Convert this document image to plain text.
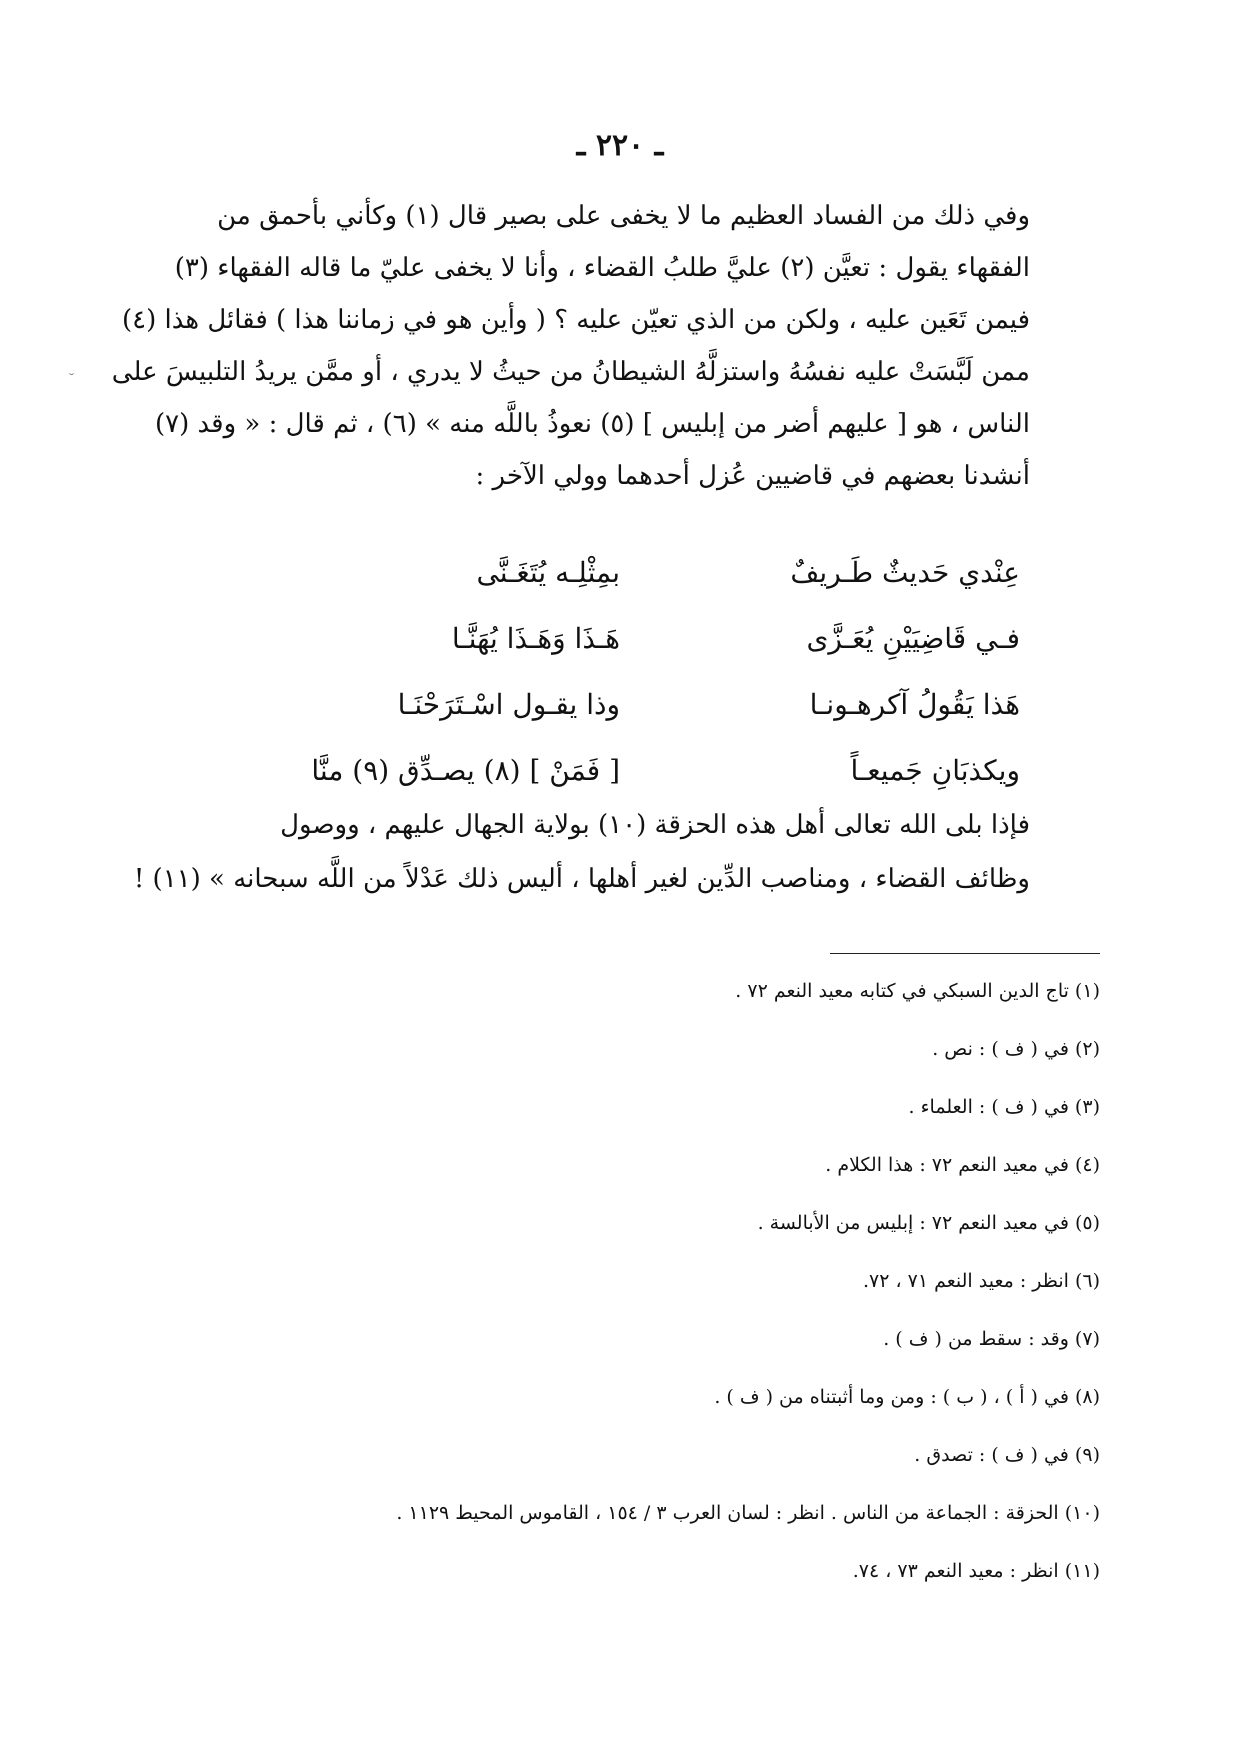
ـ ٢٢٠ ـ
˘
وفي ذلك من الفساد العظيم ما لا يخفى على بصير قال (١) وكأني بأحمق من
الفقهاء يقول : تعيَّن (٢) عليَّ طلبُ القضاء ، وأنا لا يخفى عليّ ما قاله الفقهاء (٣)
فيمن تَعَين عليه ، ولكن من الذي تعيّن عليه ؟ ( وأين هو في زماننا هذا ) فقائل هذا (٤)
ممن لَبَّسَتْ عليه نفسُهُ واستزلَّهُ الشيطانُ من حيثُ لا يدري ، أو ممَّن يريدُ التلبيسَ على
الناس ، هو [ عليهم أضر من إبليس ] (٥) نعوذُ باللَّه منه » (٦) ، ثم قال : « وقد (٧)
أنشدنا بعضهم في قاضيين عُزل أحدهما وولي الآخر :
عِنْدي حَديثٌ طَـريفٌ
بمِثْلِـه يُتَغَـنَّى
فـي قَاضِيَيْنِ يُعَـزَّى
هَـذَا وَهَـذَا يُهَنَّـا
هَذا يَقُولُ آكرهـونـا
وذا يقـول اسْـتَرَحْنَـا
ويكذبَانِ جَميعـاً
[ فَمَنْ ] (٨) يصـدِّق (٩) منَّا
فإذا بلى الله تعالى أهل هذه الحزقة (١٠) بولاية الجهال عليهم ، ووصول
وظائف القضاء ، ومناصب الدِّين لغير أهلها ، أليس ذلك عَدْلاً من اللَّه سبحانه » (١١) !
(١) تاج الدين السبكي في كتابه معيد النعم ٧٢ .
(٢) في ( ف ) : نص .
(٣) في ( ف ) : العلماء .
(٤) في معيد النعم ٧٢ : هذا الكلام .
(٥) في معيد النعم ٧٢ : إبليس من الأبالسة .
(٦) انظر : معيد النعم ٧١ ، ٧٢.
(٧) وقد : سقط من ( ف ) .
(٨) في ( أ ) ، ( ب ) : ومن وما أثبتناه من ( ف ) .
(٩) في ( ف ) : تصدق .
(١٠) الحزقة : الجماعة من الناس . انظر : لسان العرب ٣ / ١٥٤ ، القاموس المحيط ١١٢٩ .
(١١) انظر : معيد النعم ٧٣ ، ٧٤.
